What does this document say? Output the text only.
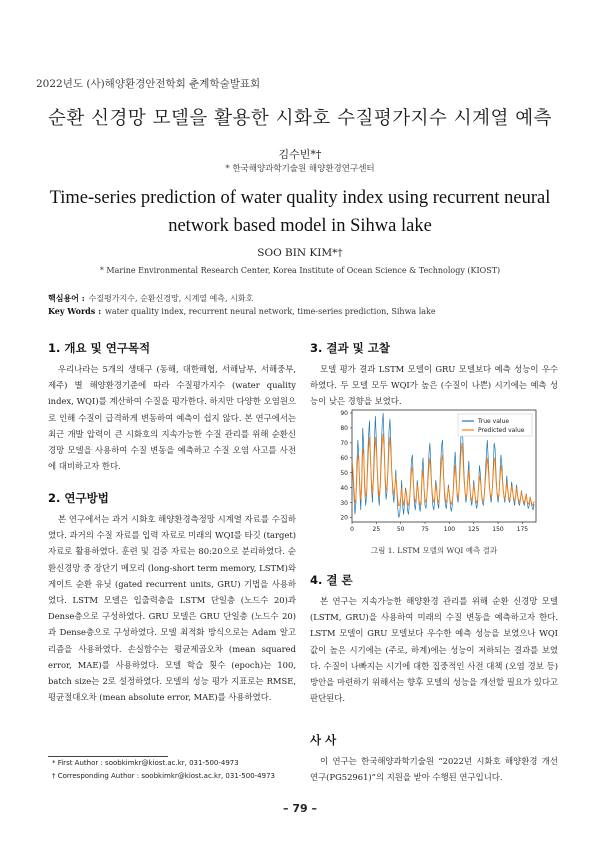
2022년도 (사)해양환경안전학회 춘계학술발표회
순환 신경망 모델을 활용한 시화호 수질평가지수 시계열 예측
김수빈*†
* 한국해양과학기술원 해양환경연구센터
Time-series prediction of water quality index using recurrent neural network based model in Sihwa lake
SOO BIN KIM*†
* Marine Environmental Research Center, Korea Institute of Ocean Science & Technology (KIOST)
핵심용어 : 수질평가지수, 순환신경망, 시계열 예측, 시화호
Key Words : water quality index, recurrent neural network, time-series prediction, Sihwa lake
1. 개요 및 연구목적

우리나라는 5개의 생태구 (동해, 대한해협, 서해남부, 서해중부, 제주) 별 해양환경기준에 따라 수질평가지수 (water quality index, WQI)를 계산하여 수질을 평가한다. 하지만 다양한 오염원으로 인해 수질이 급격하게 변동하여 예측이 쉽지 않다. 본 연구에서는 최근 개발 압력이 큰 시화호의 지속가능한 수질 관리를 위해 순환신경망 모델을 사용하여 수질 변동을 예측하고 수질 오염 사고를 사전에 대비하고자 한다.

2. 연구방법

본 연구에서는 과거 시화호 해양환경측정망 시계열 자료를 수집하였다. 과거의 수질 자료를 입력 자료로 미래의 WQI를 타깃 (target) 자료로 활용하였다. 훈련 및 검증 자료는 80:20으로 분리하였다. 순환신경망 중 장단기 메모리 (long-short term memory, LSTM)와 게이트 순환 유닛 (gated recurrent units, GRU) 기법을 사용하였다. LSTM 모델은 입출력층을 LSTM 단일층 (노드수 20)과 Dense층으로 구성하였다. GRU 모델은 GRU 단일층 (노드수 20)과 Dense층으로 구성하였다. 모델 최적화 방식으로는 Adam 알고리즘을 사용하였다. 손실함수는 평균제곱오차 (mean squared error, MAE)를 사용하였다. 모델 학습 횟수 (epoch)는 100, batch size는 2로 설정하였다. 모델의 성능 평가 지표로는 RMSE, 평균절대오차 (mean absolute error, MAE)를 사용하였다.

* First Author : soobkimkr@kiost.ac.kr, 031-500-4973
† Corresponding Author : soobkimkr@kiost.ac.kr, 031-500-4973
3. 결과 및 고찰

모델 평가 결과 LSTM 모델이 GRU 모델보다 예측 성능이 우수하였다. 두 모델 모두 WQI가 높은 (수질이 나쁜) 시기에는 예측 성능이 낮은 경향을 보였다.

20
30
40
50
60
70
80
90
0	25	50	75 100 125 150 175
True value
Predicted value
그림 1. LSTM 모델의 WQI 예측 결과
4. 결 론

본 연구는 지속가능한 해양환경 관리를 위해 순환 신경망 모델 (LSTM, GRU)을 사용하여 미래의 수질 변동을 예측하고자 한다. LSTM 모델이 GRU 모델보다 우수한 예측 성능을 보였으나 WQI 값이 높은 시기에는 (주로, 하계)에는 성능이 저하되는 결과를 보였다. 수질이 나빠지는 시기에 대한 집중적인 사전 대책 (오염 경보 등) 방안을 마련하기 위해서는 향후 모델의 성능을 개선할 필요가 있다고 판단된다.

사 사

이 연구는 한국해양과학기술원 “2022년 시화호 해양환경 개선 연구(PG52961)”의 지원을 받아 수행된 연구입니다.

– 79 –
